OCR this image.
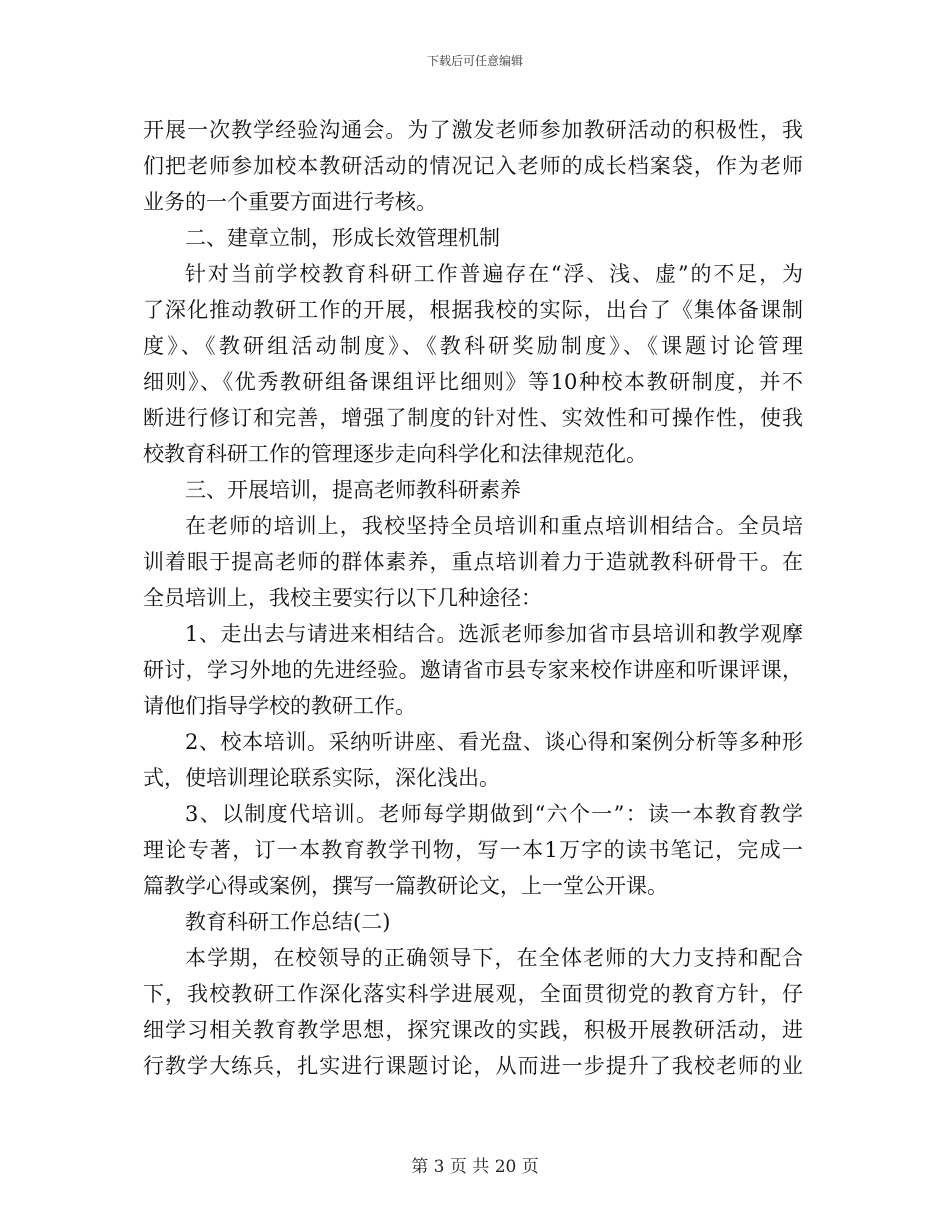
下载后可任意编辑
开展一次教学经验沟通会。为了激发老师参加教研活动的积极性，我
们把老师参加校本教研活动的情况记入老师的成长档案袋，作为老师
业务的一个重要方面进行考核。
二、建章立制，形成长效管理机制
针对当前学校教育科研工作普遍存在“浮、浅、虚”的不足，为
了深化推动教研工作的开展，根据我校的实际，出台了《集体备课制
度》、《教研组活动制度》、《教科研奖励制度》、《课题讨论管理
细则》、《优秀教研组备课组评比细则》等10种校本教研制度，并不
断进行修订和完善，增强了制度的针对性、实效性和可操作性，使我
校教育科研工作的管理逐步走向科学化和法律规范化。
三、开展培训，提高老师教科研素养
在老师的培训上，我校坚持全员培训和重点培训相结合。全员培
训着眼于提高老师的群体素养，重点培训着力于造就教科研骨干。在
全员培训上，我校主要实行以下几种途径：
1、走出去与请进来相结合。选派老师参加省市县培训和教学观摩
研讨，学习外地的先进经验。邀请省市县专家来校作讲座和听课评课，
请他们指导学校的教研工作。
2、校本培训。采纳听讲座、看光盘、谈心得和案例分析等多种形
式，使培训理论联系实际，深化浅出。
3、以制度代培训。老师每学期做到“六个一”：读一本教育教学
理论专著，订一本教育教学刊物，写一本1万字的读书笔记，完成一
篇教学心得或案例，撰写一篇教研论文，上一堂公开课。
教育科研工作总结(二)
本学期，在校领导的正确领导下，在全体老师的大力支持和配合
下，我校教研工作深化落实科学进展观，全面贯彻党的教育方针，仔
细学习相关教育教学思想，探究课改的实践，积极开展教研活动，进
行教学大练兵，扎实进行课题讨论，从而进一步提升了我校老师的业
第 3 页 共 20 页
